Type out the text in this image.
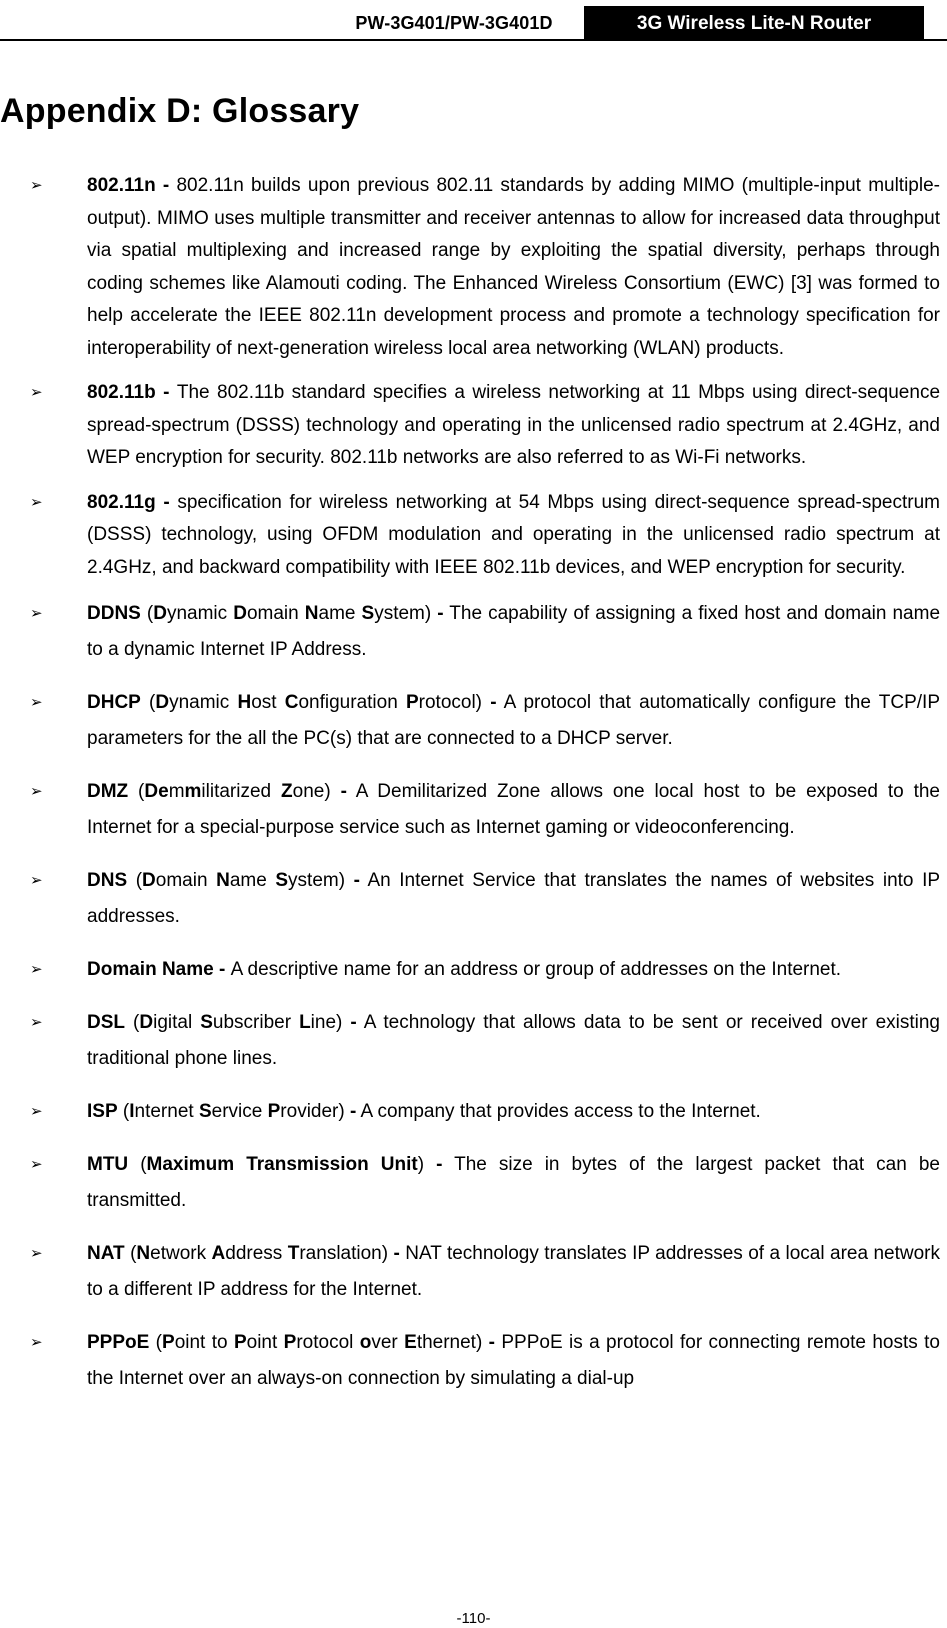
PW-3G401/PW-3G401D	3G Wireless Lite-N Router
Appendix D: Glossary
➢ 802.11n - 802.11n builds upon previous 802.11 standards by adding MIMO (multiple-input multiple-output). MIMO uses multiple transmitter and receiver antennas to allow for increased data throughput via spatial multiplexing and increased range by exploiting the spatial diversity, perhaps through coding schemes like Alamouti coding. The Enhanced Wireless Consortium (EWC) [3] was formed to help accelerate the IEEE 802.11n development process and promote a technology specification for interoperability of next-generation wireless local area networking (WLAN) products.
➢ 802.11b - The 802.11b standard specifies a wireless networking at 11 Mbps using direct-sequence spread-spectrum (DSSS) technology and operating in the unlicensed radio spectrum at 2.4GHz, and WEP encryption for security. 802.11b networks are also referred to as Wi-Fi networks.
➢ 802.11g - specification for wireless networking at 54 Mbps using direct-sequence spread-spectrum (DSSS) technology, using OFDM modulation and operating in the unlicensed radio spectrum at 2.4GHz, and backward compatibility with IEEE 802.11b devices, and WEP encryption for security.
➢ DDNS (Dynamic Domain Name System) - The capability of assigning a fixed host and domain name to a dynamic Internet IP Address.
➢ DHCP (Dynamic Host Configuration Protocol) - A protocol that automatically configure the TCP/IP parameters for the all the PC(s) that are connected to a DHCP server.
➢ DMZ (Demmilitarized Zone) - A Demilitarized Zone allows one local host to be exposed to the Internet for a special-purpose service such as Internet gaming or videoconferencing.
➢ DNS (Domain Name System) - An Internet Service that translates the names of websites into IP addresses.
➢ Domain Name - A descriptive name for an address or group of addresses on the Internet.
➢ DSL (Digital Subscriber Line) - A technology that allows data to be sent or received over existing traditional phone lines.
➢ ISP (Internet Service Provider) - A company that provides access to the Internet.
➢ MTU (Maximum Transmission Unit) - The size in bytes of the largest packet that can be transmitted.
➢ NAT (Network Address Translation) - NAT technology translates IP addresses of a local area network to a different IP address for the Internet.
➢ PPPoE (Point to Point Protocol over Ethernet) - PPPoE is a protocol for connecting remote hosts to the Internet over an always-on connection by simulating a dial-up
-110-
